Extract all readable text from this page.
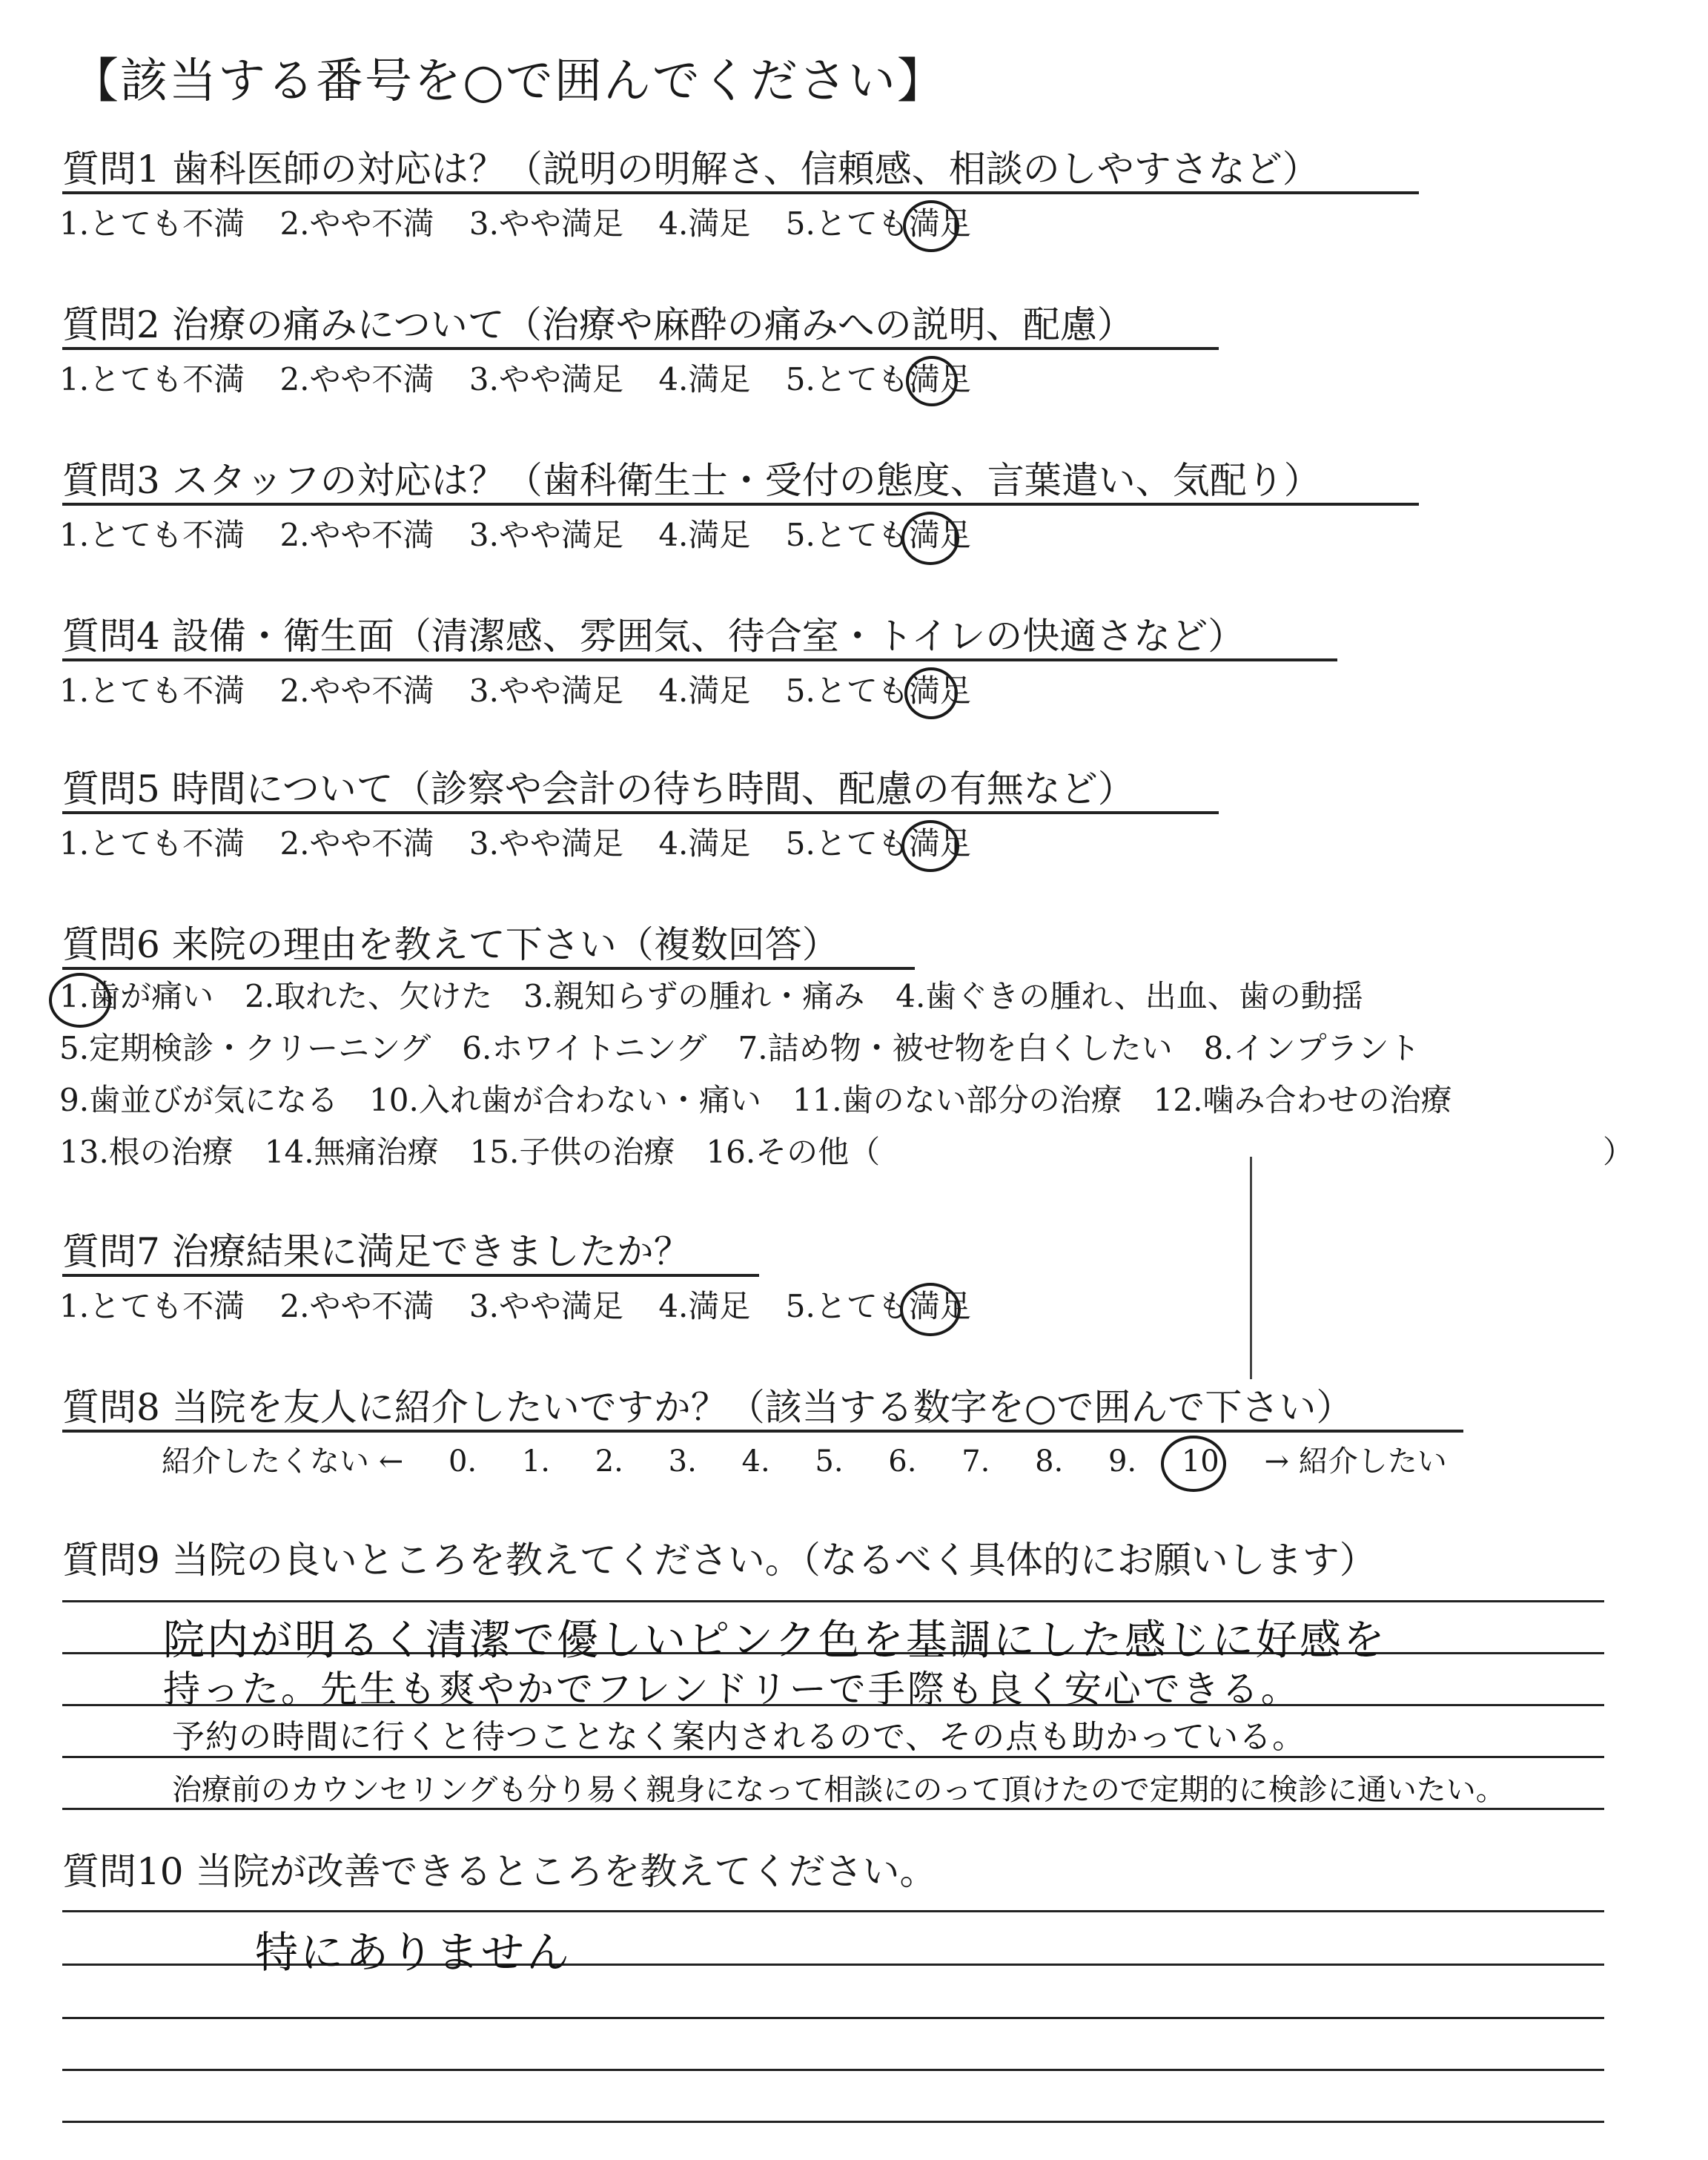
【該当する番号を○で囲んでください】
質問1 歯科医師の対応は？（説明の明解さ、信頼感、相談のしやすさなど）
1.とても不満 2.やや不満 3.やや満足 4.満足 5.とても満足
質問2 治療の痛みについて（治療や麻酔の痛みへの説明、配慮）
1.とても不満 2.やや不満 3.やや満足 4.満足 5.とても満足
質問3 スタッフの対応は？（歯科衛生士・受付の態度、言葉遣い、気配り）
1.とても不満 2.やや不満 3.やや満足 4.満足 5.とても満足
質問4 設備・衛生面（清潔感、雰囲気、待合室・トイレの快適さなど）
1.とても不満 2.やや不満 3.やや満足 4.満足 5.とても満足
質問5 時間について（診察や会計の待ち時間、配慮の有無など）
1.とても不満 2.やや不満 3.やや満足 4.満足 5.とても満足
質問6 来院の理由を教えて下さい（複数回答）
1.歯が痛い　2.取れた、欠けた　3.親知らずの腫れ・痛み　4.歯ぐきの腫れ、出血、歯の動揺
5.定期検診・クリーニング　6.ホワイトニング　7.詰め物・被せ物を白くしたい　8.インプラント
9.歯並びが気になる　10.入れ歯が合わない・痛い　11.歯のない部分の治療　12.噛み合わせの治療
13.根の治療　14.無痛治療　15.子供の治療　16.その他（	）
質問7 治療結果に満足できましたか？
1.とても不満 2.やや不満 3.やや満足 4.満足 5.とても満足
質問8 当院を友人に紹介したいですか？（該当する数字を○で囲んで下さい）
紹介したくない ← 0. 1. 2. 3. 4. 5. 6. 7. 8. 9. 10 → 紹介したい
質問9 当院の良いところを教えてください。（なるべく具体的にお願いします）
院内が明るく清潔で優しいピンク色を基調にした感じに好感を
持った。先生も爽やかでフレンドリーで手際も良く安心できる。
予約の時間に行くと待つことなく案内されるので、その点も助かっている。
治療前のカウンセリングも分り易く親身になって相談にのって頂けたので定期的に検診に通いたい。
質問10 当院が改善できるところを教えてください。
特にありません
